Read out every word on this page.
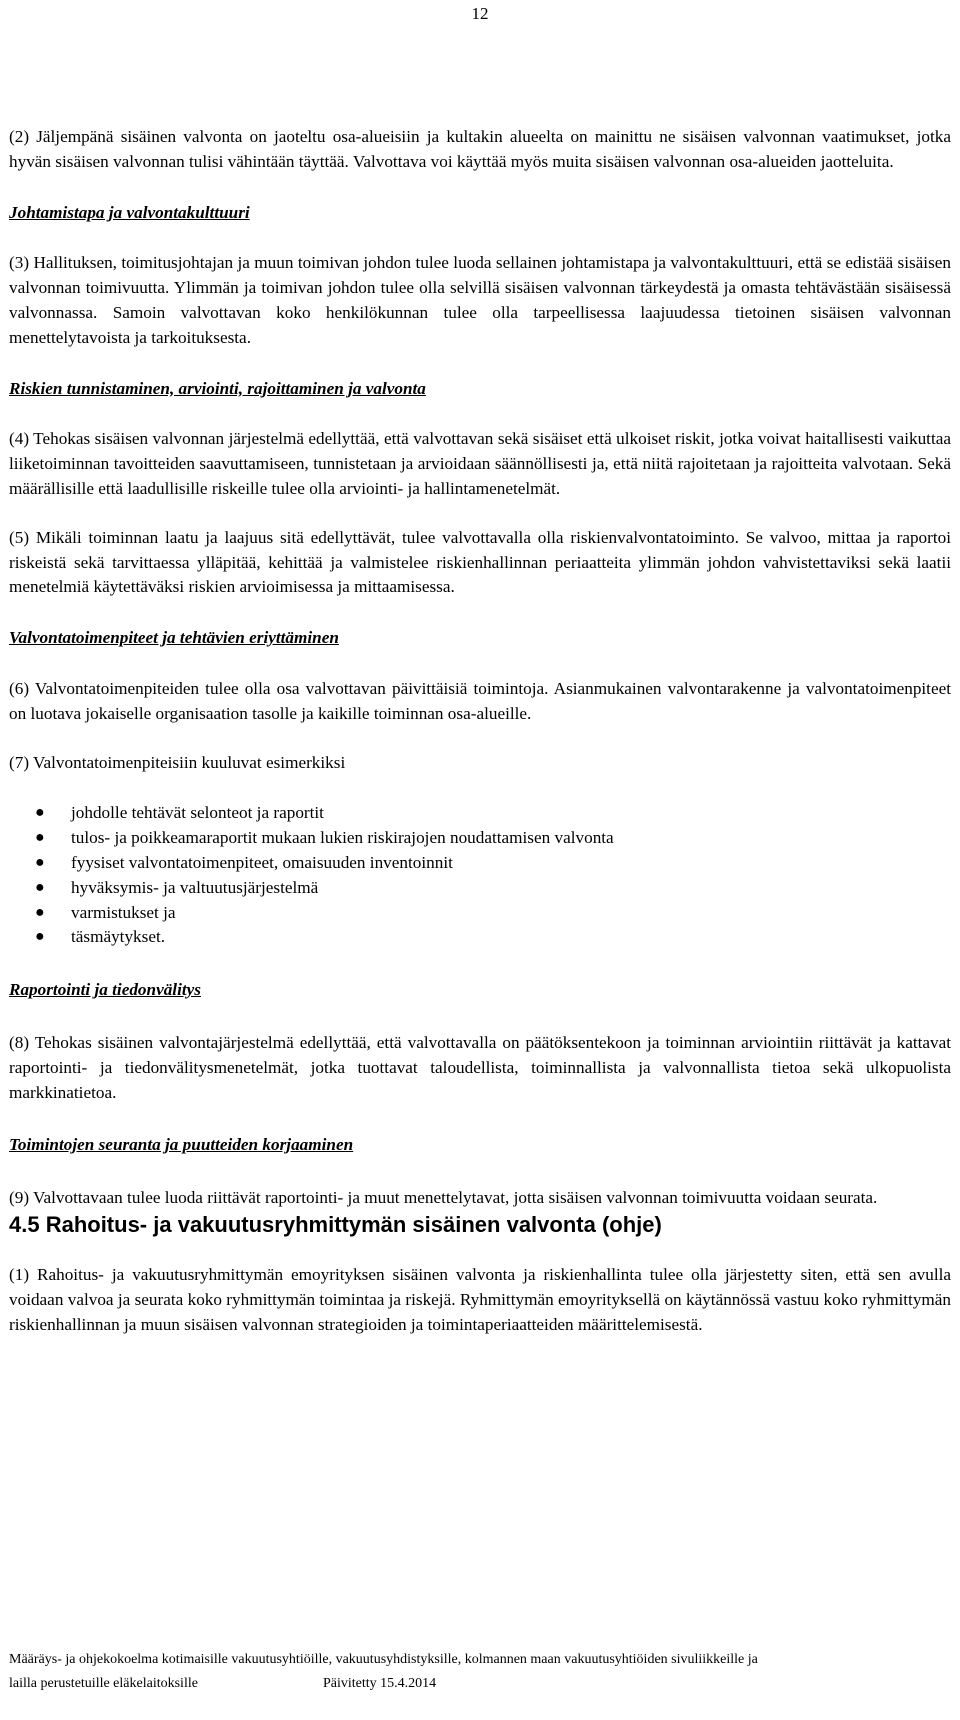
12

(2) Jäljempänä sisäinen valvonta on jaoteltu osa-alueisiin ja kultakin alueelta on mainittu ne sisäisen valvonnan vaatimukset, jotka hyvän sisäisen valvonnan tulisi vähintään täyttää. Valvottava voi käyttää myös muita sisäisen valvonnan osa-alueiden jaotteluita.

Johtamistapa ja valvontakulttuuri

(3) Hallituksen, toimitusjohtajan ja muun toimivan johdon tulee luoda sellainen johtamistapa ja valvontakulttuuri, että se edistää sisäisen valvonnan toimivuutta. Ylimmän ja toimivan johdon tulee olla selvillä sisäisen valvonnan tärkeydestä ja omasta tehtävästään sisäisessä valvonnassa. Samoin valvottavan koko henkilökunnan tulee olla tarpeellisessa laajuudessa tietoinen sisäisen valvonnan menettelytavoista ja tarkoituksesta.

Riskien tunnistaminen, arviointi, rajoittaminen ja valvonta

(4) Tehokas sisäisen valvonnan järjestelmä edellyttää, että valvottavan sekä sisäiset että ulkoiset riskit, jotka voivat haitallisesti vaikuttaa liiketoiminnan tavoitteiden saavuttamiseen, tunnistetaan ja arvioidaan säännöllisesti ja, että niitä rajoitetaan ja rajoitteita valvotaan. Sekä määrällisille että laadullisille riskeille tulee olla arviointi- ja hallintamenetelmät.

(5) Mikäli toiminnan laatu ja laajuus sitä edellyttävät, tulee valvottavalla olla riskienvalvontatoiminto. Se valvoo, mittaa ja raportoi riskeistä sekä tarvittaessa ylläpitää, kehittää ja valmistelee riskienhallinnan periaatteita ylimmän johdon vahvistettaviksi sekä laatii menetelmiä käytettäväksi riskien arvioimisessa ja mittaamisessa.

Valvontatoimenpiteet ja tehtävien eriyttäminen

(6) Valvontatoimenpiteiden tulee olla osa valvottavan päivittäisiä toimintoja. Asianmukainen valvontarakenne ja valvontatoimenpiteet on luotava jokaiselle organisaation tasolle ja kaikille toiminnan osa-alueille.

(7) Valvontatoimenpiteisiin kuuluvat esimerkiksi

● johdolle tehtävät selonteot ja raportit
● tulos- ja poikkeamaraportit mukaan lukien riskirajojen noudattamisen valvonta
● fyysiset valvontatoimenpiteet, omaisuuden inventoinnit
● hyväksymis- ja valtuutusjärjestelmä
● varmistukset ja
● täsmäytykset.

Raportointi ja tiedonvälitys

(8) Tehokas sisäinen valvontajärjestelmä edellyttää, että valvottavalla on päätöksentekoon ja toiminnan arviointiin riittävät ja kattavat raportointi- ja tiedonvälitysmenetelmät, jotka tuottavat taloudellista, toiminnallista ja valvonnallista tietoa sekä ulkopuolista markkinatietoa.

Toimintojen seuranta ja puutteiden korjaaminen

(9) Valvottavaan tulee luoda riittävät raportointi- ja muut menettelytavat, jotta sisäisen valvonnan toimivuutta voidaan seurata.

4.5 Rahoitus- ja vakuutusryhmittymän sisäinen valvonta (ohje)

(1) Rahoitus- ja vakuutusryhmittymän emoyrityksen sisäinen valvonta ja riskienhallinta tulee olla järjestetty siten, että sen avulla voidaan valvoa ja seurata koko ryhmittymän toimintaa ja riskejä. Ryhmittymän emoyrityksellä on käytännössä vastuu koko ryhmittymän riskienhallinnan ja muun sisäisen valvonnan strategioiden ja toimintaperiaatteiden määrittelemisestä.

Määräys- ja ohjekokoelma kotimaisille vakuutusyhtiöille, vakuutusyhdistyksille, kolmannen maan vakuutusyhtiöiden sivuliikkeille ja
lailla perustetuille eläkelaitoksille	Päivitetty 15.4.2014
